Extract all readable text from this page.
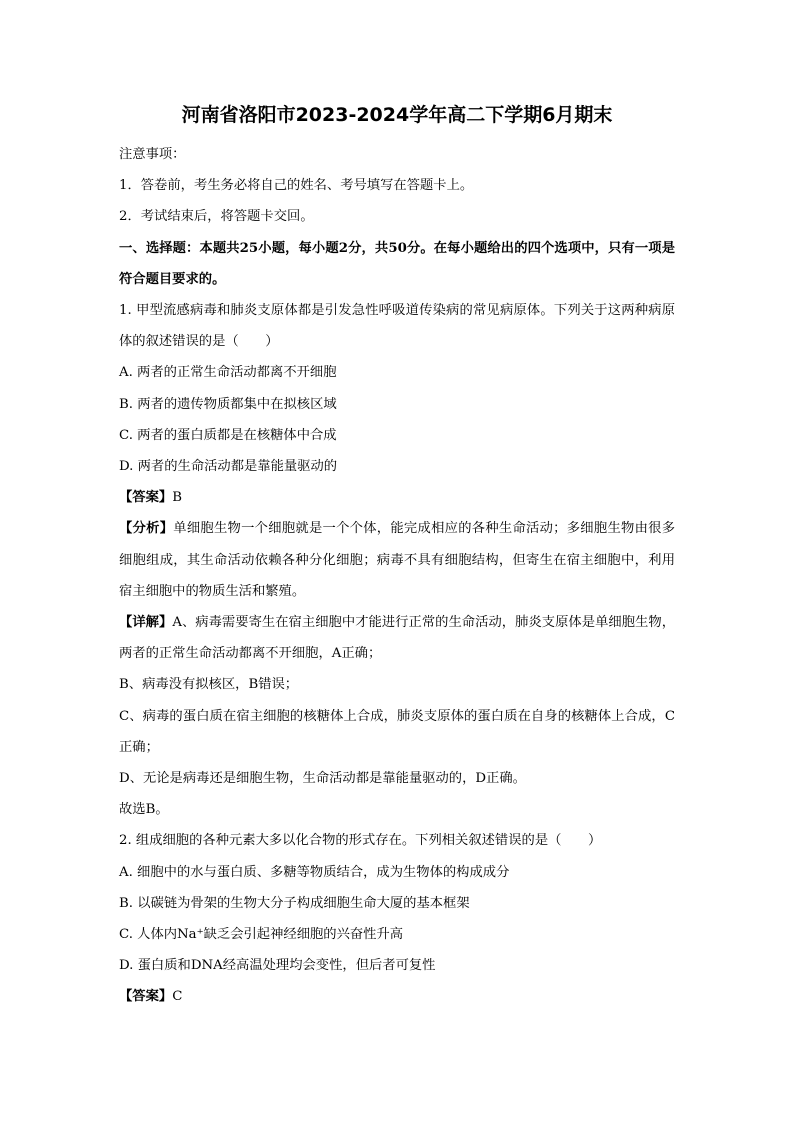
河南省洛阳市2023-2024学年高二下学期6月期末

注意事项：

1．答卷前，考生务必将自己的姓名、考号填写在答题卡上。

2．考试结束后，将答题卡交回。

一、选择题：本题共25小题，每小题2分，共50分。在每小题给出的四个选项中，只有一项是符合题目要求的。

1. 甲型流感病毒和肺炎支原体都是引发急性呼吸道传染病的常见病原体。下列关于这两种病原体的叙述错误的是（　　）

A. 两者的正常生命活动都离不开细胞

B. 两者的遗传物质都集中在拟核区域

C. 两者的蛋白质都是在核糖体中合成

D. 两者的生命活动都是靠能量驱动的

【答案】B

【分析】单细胞生物一个细胞就是一个个体，能完成相应的各种生命活动；多细胞生物由很多细胞组成，其生命活动依赖各种分化细胞；病毒不具有细胞结构，但寄生在宿主细胞中，利用宿主细胞中的物质生活和繁殖。

【详解】A、病毒需要寄生在宿主细胞中才能进行正常的生命活动，肺炎支原体是单细胞生物，两者的正常生命活动都离不开细胞，A正确；

B、病毒没有拟核区，B错误；

C、病毒的蛋白质在宿主细胞的核糖体上合成，肺炎支原体的蛋白质在自身的核糖体上合成，C正确；

D、无论是病毒还是细胞生物，生命活动都是靠能量驱动的，D正确。

故选B。

2. 组成细胞的各种元素大多以化合物的形式存在。下列相关叙述错误的是（　　）

A. 细胞中的水与蛋白质、多糖等物质结合，成为生物体的构成成分

B. 以碳链为骨架的生物大分子构成细胞生命大厦的基本框架

C. 人体内Na⁺缺乏会引起神经细胞的兴奋性升高

D. 蛋白质和DNA经高温处理均会变性，但后者可复性

【答案】C
